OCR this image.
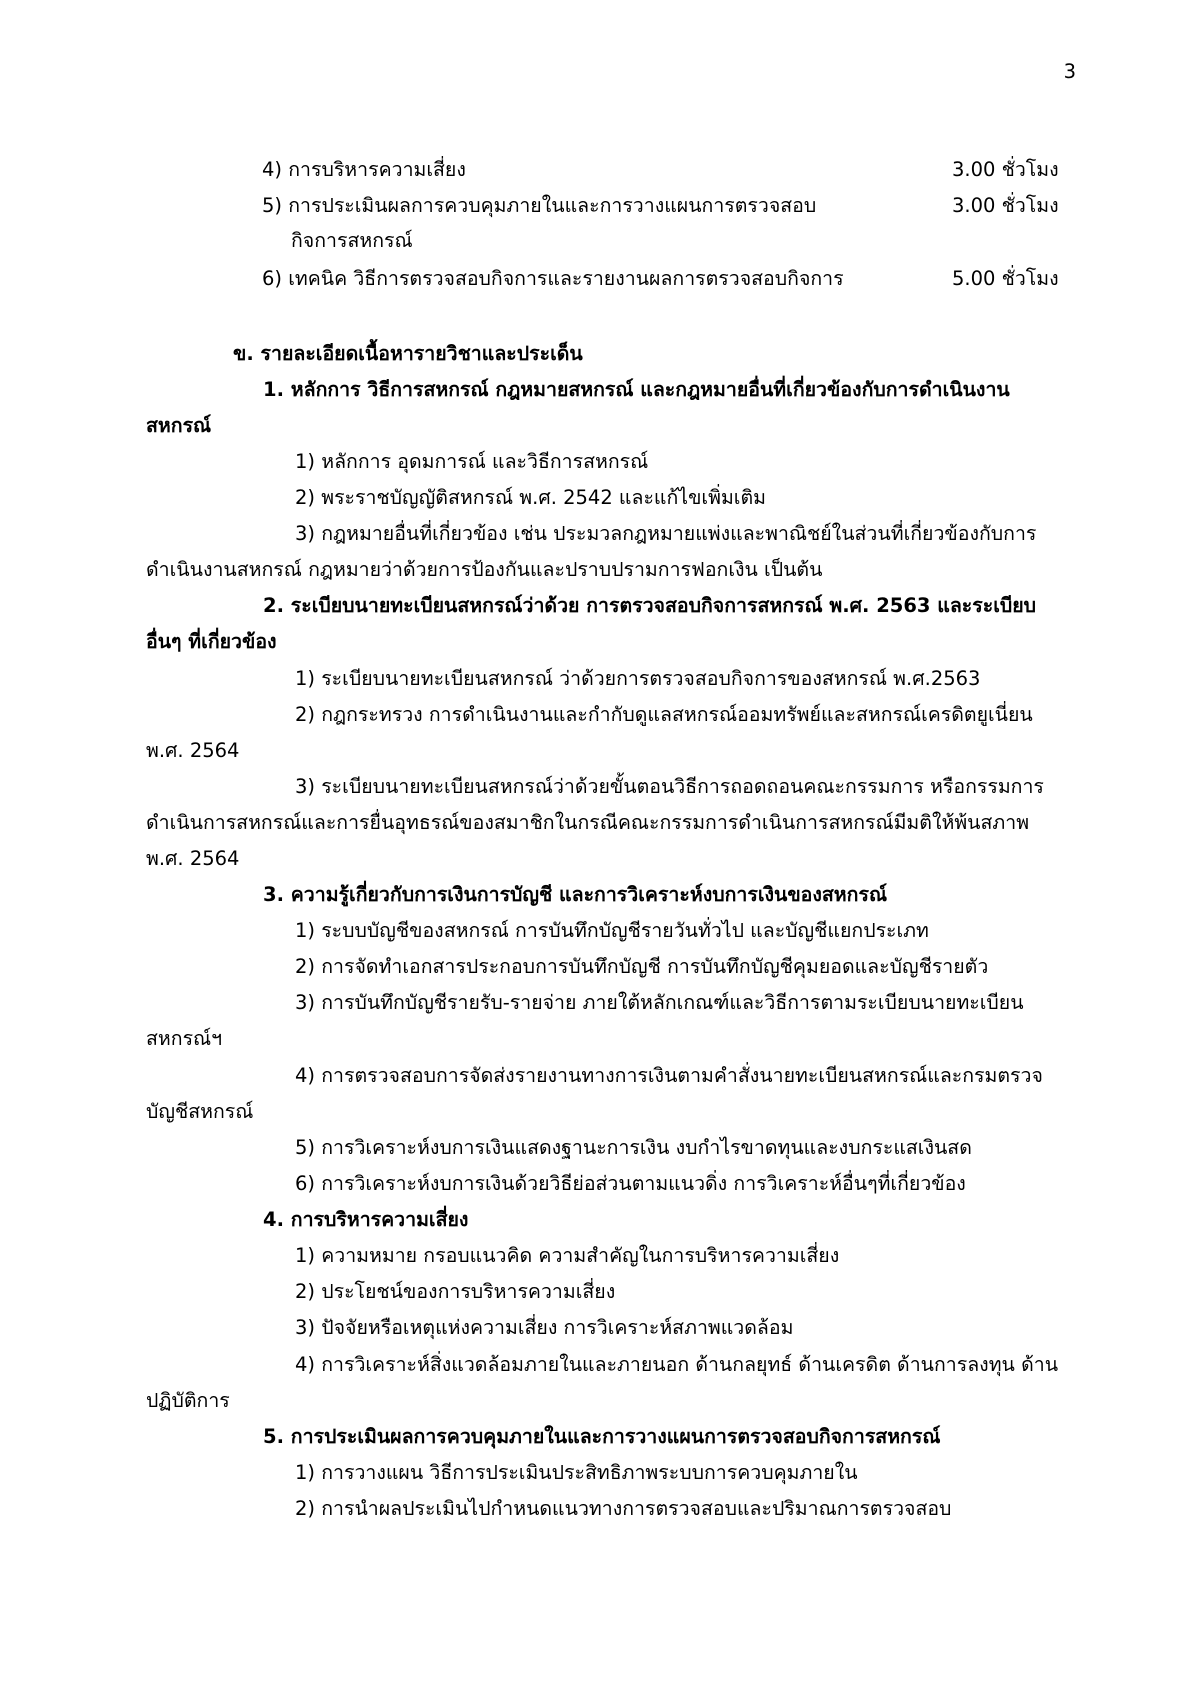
3
4) การบริหารความเสี่ยง	3.00 ชั่วโมง
5) การประเมินผลการควบคุมภายในและการวางแผนการตรวจสอบ	3.00 ชั่วโมง
กิจการสหกรณ์
6) เทคนิค วิธีการตรวจสอบกิจการและรายงานผลการตรวจสอบกิจการ	5.00 ชั่วโมง
ข. รายละเอียดเนื้อหารายวิชาและประเด็น
1. หลักการ วิธีการสหกรณ์ กฎหมายสหกรณ์ และกฎหมายอื่นที่เกี่ยวข้องกับการดำเนินงาน
สหกรณ์
1) หลักการ อุดมการณ์ และวิธีการสหกรณ์
2) พระราชบัญญัติสหกรณ์ พ.ศ. 2542 และแก้ไขเพิ่มเติม
3) กฎหมายอื่นที่เกี่ยวข้อง เช่น ประมวลกฎหมายแพ่งและพาณิชย์ในส่วนที่เกี่ยวข้องกับการ
ดำเนินงานสหกรณ์ กฎหมายว่าด้วยการป้องกันและปราบปรามการฟอกเงิน เป็นต้น
2. ระเบียบนายทะเบียนสหกรณ์ว่าด้วย การตรวจสอบกิจการสหกรณ์ พ.ศ. 2563 และระเบียบ
อื่นๆ ที่เกี่ยวข้อง
1) ระเบียบนายทะเบียนสหกรณ์ ว่าด้วยการตรวจสอบกิจการของสหกรณ์ พ.ศ.2563
2) กฎกระทรวง การดำเนินงานและกำกับดูแลสหกรณ์ออมทรัพย์และสหกรณ์เครดิตยูเนี่ยน
พ.ศ. 2564
3) ระเบียบนายทะเบียนสหกรณ์ว่าด้วยขั้นตอนวิธีการถอดถอนคณะกรรมการ หรือกรรมการ
ดำเนินการสหกรณ์และการยื่นอุทธรณ์ของสมาชิกในกรณีคณะกรรมการดำเนินการสหกรณ์มีมติให้พ้นสภาพ
พ.ศ. 2564
3. ความรู้เกี่ยวกับการเงินการบัญชี และการวิเคราะห์งบการเงินของสหกรณ์
1) ระบบบัญชีของสหกรณ์ การบันทึกบัญชีรายวันทั่วไป และบัญชีแยกประเภท
2) การจัดทำเอกสารประกอบการบันทึกบัญชี การบันทึกบัญชีคุมยอดและบัญชีรายตัว
3) การบันทึกบัญชีรายรับ-รายจ่าย ภายใต้หลักเกณฑ์และวิธีการตามระเบียบนายทะเบียน
สหกรณ์ฯ
4) การตรวจสอบการจัดส่งรายงานทางการเงินตามคำสั่งนายทะเบียนสหกรณ์และกรมตรวจ
บัญชีสหกรณ์
5) การวิเคราะห์งบการเงินแสดงฐานะการเงิน งบกำไรขาดทุนและงบกระแสเงินสด
6) การวิเคราะห์งบการเงินด้วยวิธีย่อส่วนตามแนวดิ่ง การวิเคราะห์อื่นๆที่เกี่ยวข้อง
4. การบริหารความเสี่ยง
1) ความหมาย กรอบแนวคิด ความสำคัญในการบริหารความเสี่ยง
2) ประโยชน์ของการบริหารความเสี่ยง
3) ปัจจัยหรือเหตุแห่งความเสี่ยง การวิเคราะห์สภาพแวดล้อม
4) การวิเคราะห์สิ่งแวดล้อมภายในและภายนอก ด้านกลยุทธ์ ด้านเครดิต ด้านการลงทุน ด้าน
ปฏิบัติการ
5. การประเมินผลการควบคุมภายในและการวางแผนการตรวจสอบกิจการสหกรณ์
1) การวางแผน วิธีการประเมินประสิทธิภาพระบบการควบคุมภายใน
2) การนำผลประเมินไปกำหนดแนวทางการตรวจสอบและปริมาณการตรวจสอบ
